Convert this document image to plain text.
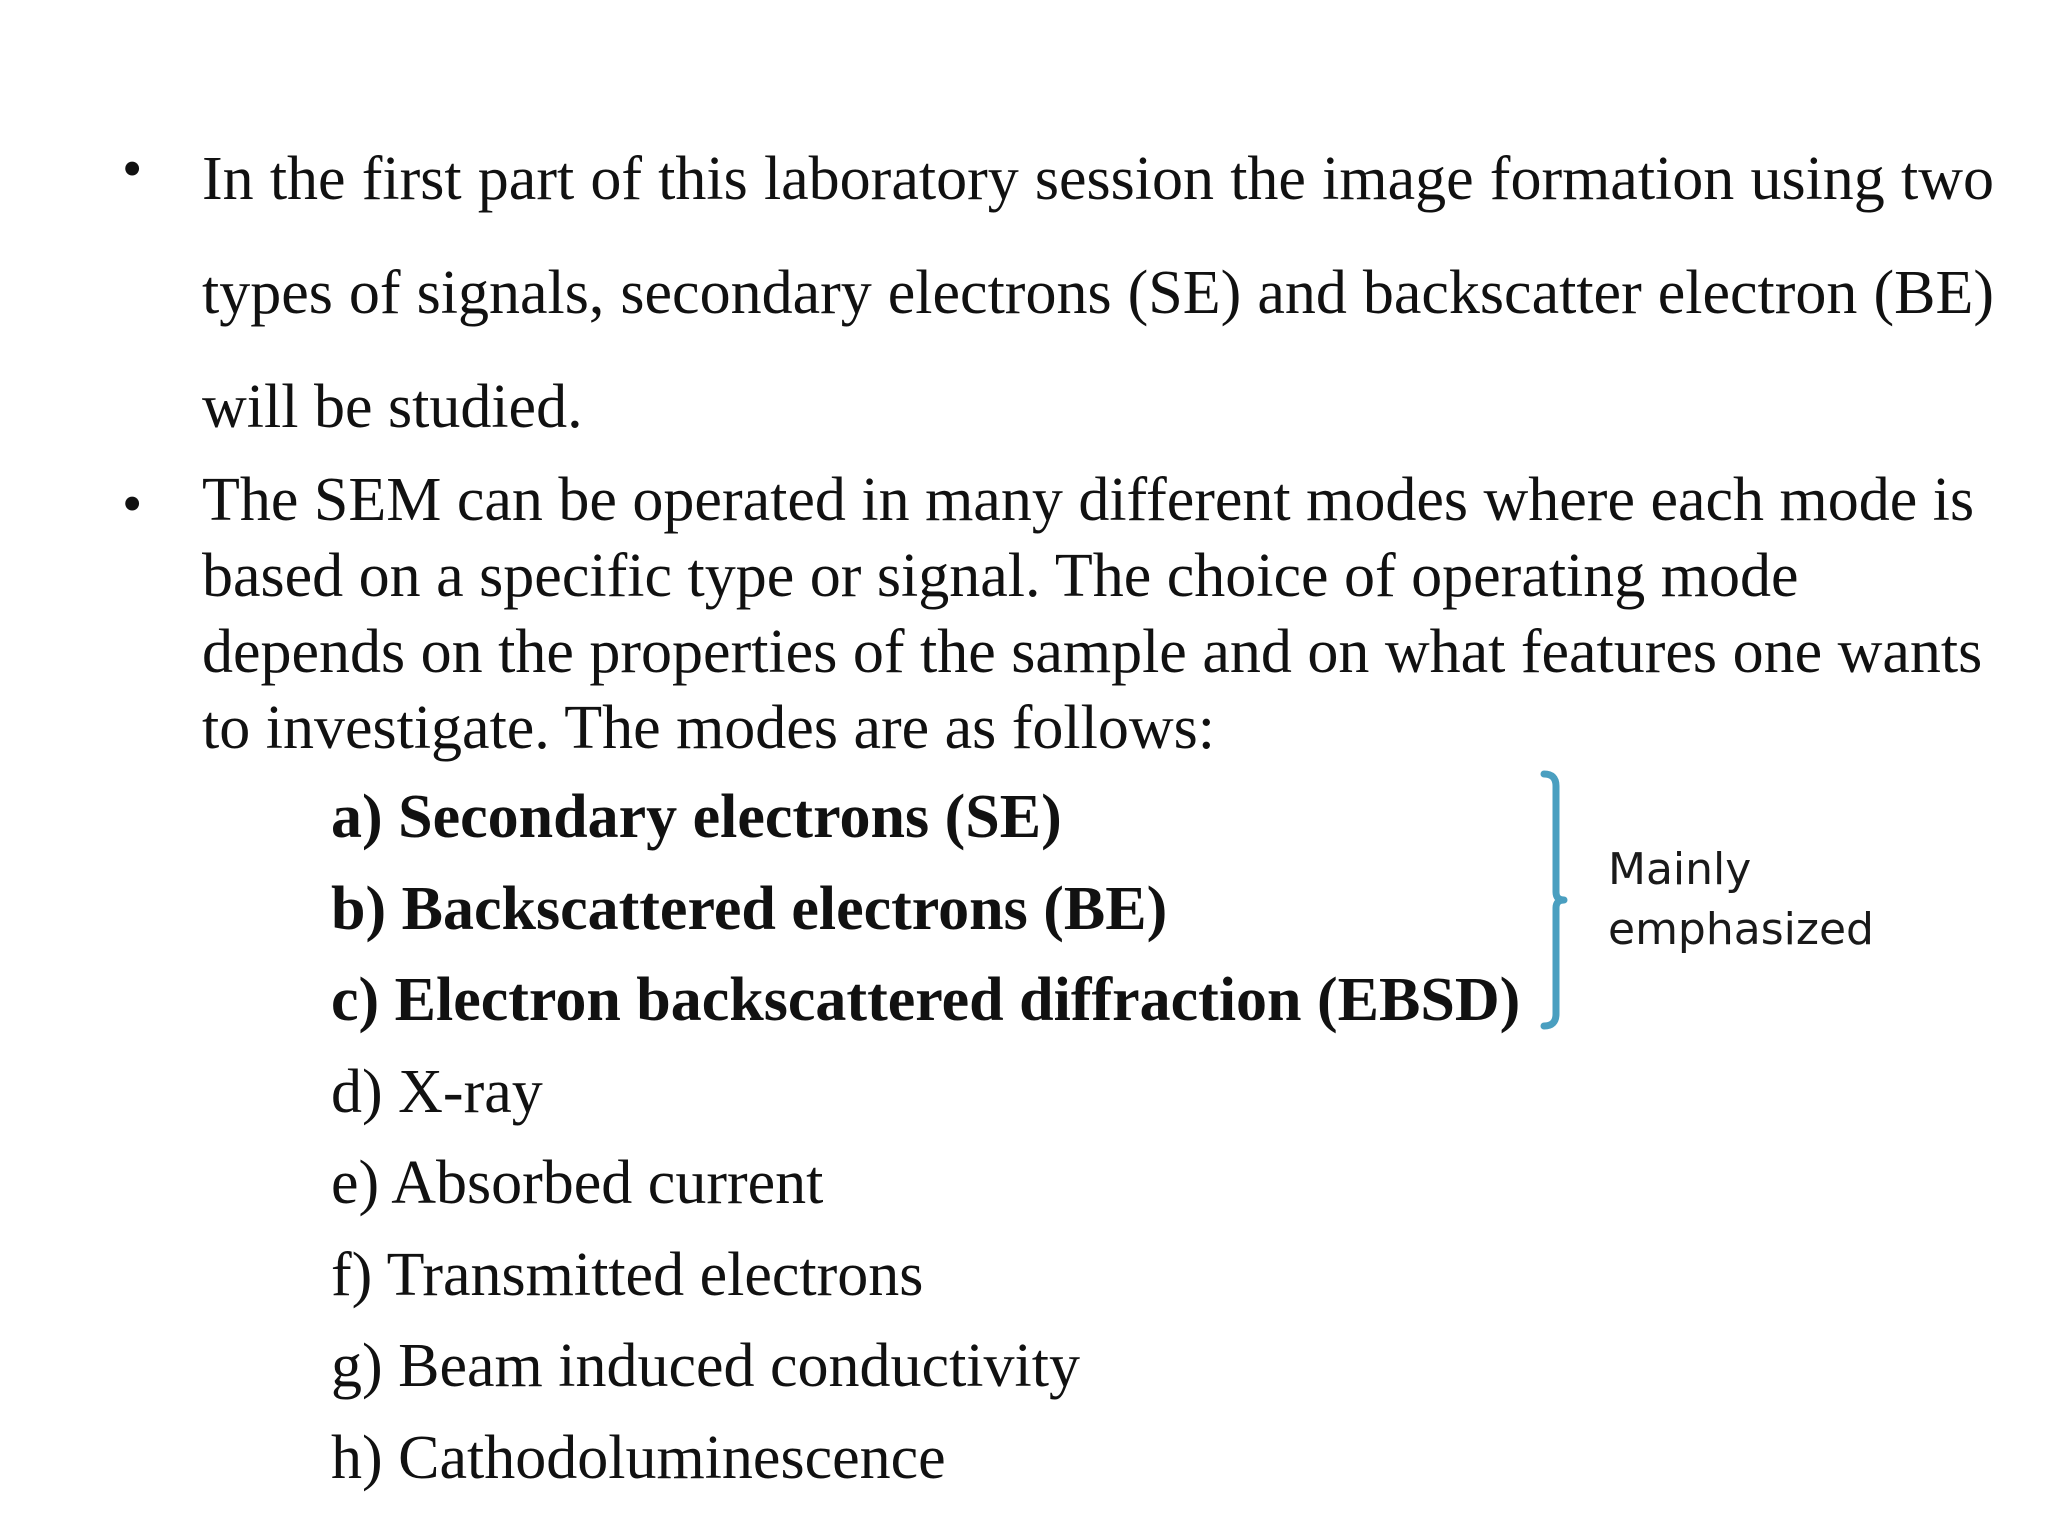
• In the first part of this laboratory session the image formation using two types of signals, secondary electrons (SE) and backscatter electron (BE) will be studied.

• The SEM can be operated in many different modes where each mode is based on a specific type or signal. The choice of operating mode depends on the properties of the sample and on what features one wants to investigate. The modes are as follows:

a) Secondary electrons (SE)
b) Backscattered electrons (BE)
c) Electron backscattered diffraction (EBSD)
d) X-ray
e) Absorbed current
f) Transmitted electrons
g) Beam induced conductivity
h) Cathodoluminescence
Mainly
emphasized
